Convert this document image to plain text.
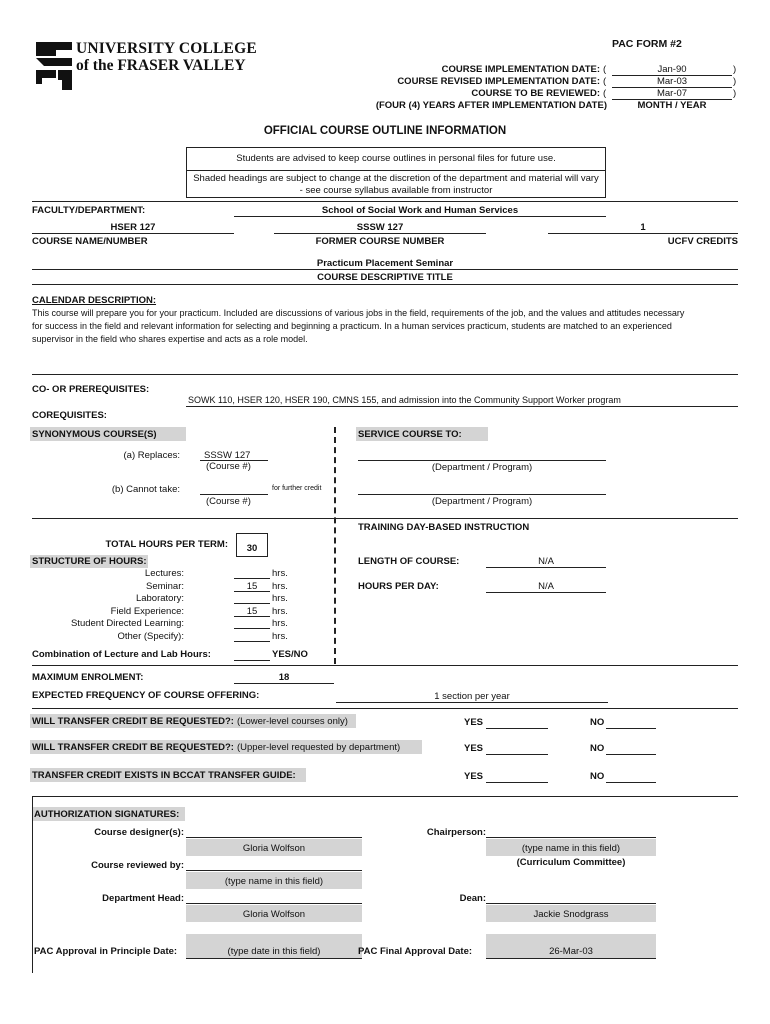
UNIVERSITY COLLEGE
of the FRASER VALLEY
PAC FORM #2
COURSE IMPLEMENTATION DATE: (	Jan-90	)
COURSE REVISED IMPLEMENTATION DATE: (	Mar-03	)
COURSE TO BE REVIEWED: (	Mar-07	)
(FOUR (4) YEARS AFTER IMPLEMENTATION DATE)	MONTH / YEAR
OFFICIAL COURSE OUTLINE INFORMATION
Students are advised to keep course outlines in personal files for future use.
Shaded headings are subject to change at the discretion of the department and material will vary
- see course syllabus available from instructor
FACULTY/DEPARTMENT:	School of Social Work and Human Services
HSER 127
COURSE NAME/NUMBER
SSSW 127
FORMER COURSE NUMBER
1
UCFV CREDITS
Practicum Placement Seminar
COURSE DESCRIPTIVE TITLE
CALENDAR DESCRIPTION:
This course will prepare you for your practicum. Included are discussions of various jobs in the field, requirements of the job, and the values and attitudes necessary
for success in the field and relevant information for selecting and beginning a practicum. In a human services practicum, students are matched to an experienced
supervisor in the field who shares expertise and acts as a role model.
CO- OR PREREQUISITES:
SOWK 110, HSER 120, HSER 190, CMNS 155, and admission into the Community Support Worker program
COREQUISITES:
SYNONYMOUS COURSE(S)	SERVICE COURSE TO:
(a) Replaces:	SSSW 127
(Course #)	(Department / Program)
(b) Cannot take:	for further credit
(Course #)	(Department / Program)
TRAINING DAY-BASED INSTRUCTION
TOTAL HOURS PER TERM:	30
STRUCTURE OF HOURS:	LENGTH OF COURSE:	N/A
HOURS PER DAY:	N/A
Lectures:	hrs.
Seminar:	15	hrs.
Laboratory:	hrs.
Field Experience:	15	hrs.
Student Directed Learning:	hrs.
Other (Specify):	hrs.
Combination of Lecture and Lab Hours:	YES/NO
MAXIMUM ENROLMENT:	18
EXPECTED FREQUENCY OF COURSE OFFERING:	1 section per year
WILL TRANSFER CREDIT BE REQUESTED?: (Lower-level courses only)	YES	NO
WILL TRANSFER CREDIT BE REQUESTED?: (Upper-level requested by department)	YES	NO
TRANSFER CREDIT EXISTS IN BCCAT TRANSFER GUIDE:	YES	NO
AUTHORIZATION SIGNATURES:
Course designer(s):
Gloria Wolfson
Chairperson:
(type name in this field)
(Curriculum Committee)
Course reviewed by:
(type name in this field)
Department Head:
Gloria Wolfson
Dean:
Jackie Snodgrass
PAC Approval in Principle Date:	(type date in this field)	PAC Final Approval Date:	26-Mar-03
